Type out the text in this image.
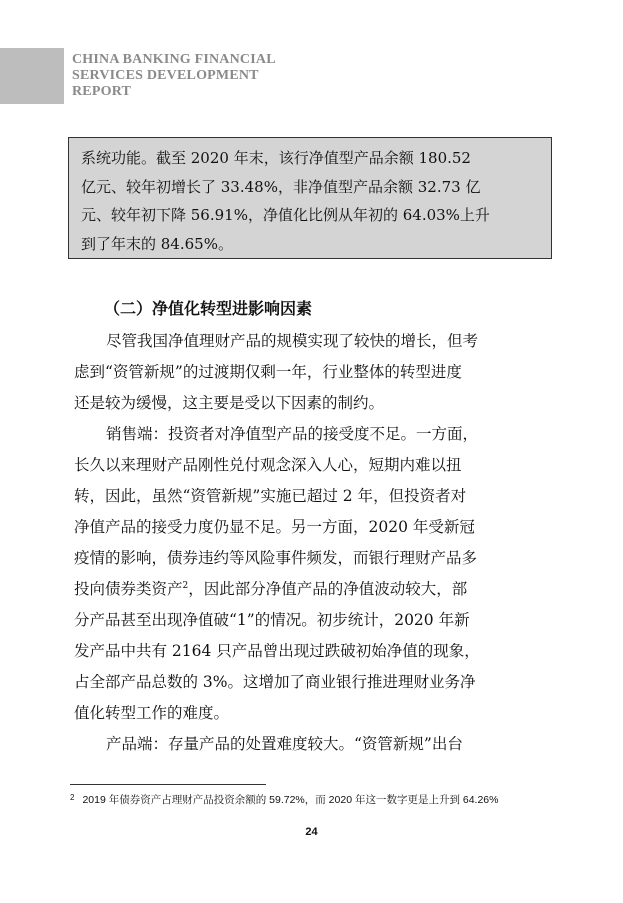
CHINA BANKING FINANCIAL
SERVICES DEVELOPMENT
REPORT

系统功能。截至 2020 年末，该行净值型产品余额 180.52

亿元、较年初增长了 33.48%，非净值型产品余额 32.73 亿

元、较年初下降 56.91%，净值化比例从年初的 64.03%上升

到了年末的 84.65%。

（二）净值化转型进影响因素
尽管我国净值理财产品的规模实现了较快的增长，但考
虑到“资管新规”的过渡期仅剩一年，行业整体的转型进度
还是较为缓慢，这主要是受以下因素的制约。
销售端：投资者对净值型产品的接受度不足。一方面，
长久以来理财产品刚性兑付观念深入人心，短期内难以扭
转，因此，虽然“资管新规”实施已超过 2 年，但投资者对
净值产品的接受力度仍显不足。另一方面，2020 年受新冠
疫情的影响，债券违约等风险事件频发，而银行理财产品多
投向债券类资产$^2$，因此部分净值产品的净值波动较大，部
分产品甚至出现净值破“1”的情况。初步统计，2020 年新
发产品中共有 2164 只产品曾出现过跌破初始净值的现象，
占全部产品总数的 3%。这增加了商业银行推进理财业务净
值化转型工作的难度。
产品端：存量产品的处置难度较大。“资管新规”出台
$^2$ 2019 年债券资产占理财产品投资余额的 59.72%，而 2020 年这一数字更是上升到 64.26%
24
